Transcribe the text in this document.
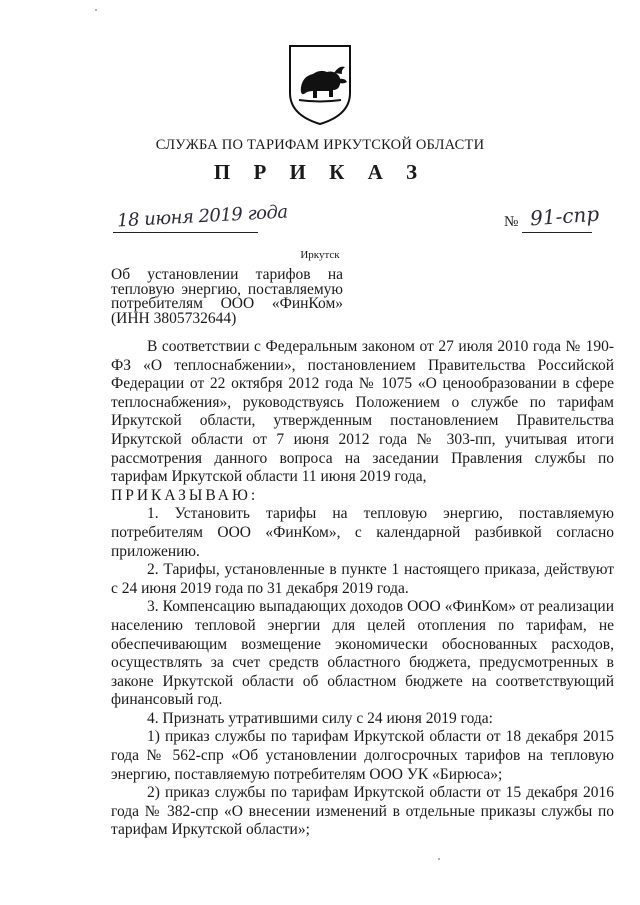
СЛУЖБА ПО ТАРИФАМ ИРКУТСКОЙ ОБЛАСТИ
П Р И К А З
18 июня 2019 года	№ 91-спр
Иркутск
Об установлении тарифов на
тепловую энергию, поставляемую
потребителям ООО «ФинКом»
(ИНН 3805732644)

В соответствии с Федеральным законом от 27 июля 2010 года № 190-ФЗ «О теплоснабжении», постановлением Правительства Российской Федерации от 22 октября 2012 года № 1075 «О ценообразовании в сфере теплоснабжения», руководствуясь Положением о службе по тарифам Иркутской области, утвержденным постановлением Правительства Иркутской области от 7 июня 2012 года № 303-пп, учитывая итоги рассмотрения данного вопроса на заседании Правления службы по тарифам Иркутской области 11 июня 2019 года,

ПРИКАЗЫВАЮ:

1. Установить тарифы на тепловую энергию, поставляемую потребителям ООО «ФинКом», с календарной разбивкой согласно приложению.

2. Тарифы, установленные в пункте 1 настоящего приказа, действуют с 24 июня 2019 года по 31 декабря 2019 года.

3. Компенсацию выпадающих доходов ООО «ФинКом» от реализации населению тепловой энергии для целей отопления по тарифам, не обеспечивающим возмещение экономически обоснованных расходов, осуществлять за счет средств областного бюджета, предусмотренных в законе Иркутской области об областном бюджете на соответствующий финансовый год.

4. Признать утратившими силу с 24 июня 2019 года:

1) приказ службы по тарифам Иркутской области от 18 декабря 2015 года № 562-спр «Об установлении долгосрочных тарифов на тепловую энергию, поставляемую потребителям ООО УК «Бирюса»;

2) приказ службы по тарифам Иркутской области от 15 декабря 2016 года № 382-спр «О внесении изменений в отдельные приказы службы по тарифам Иркутской области»;
